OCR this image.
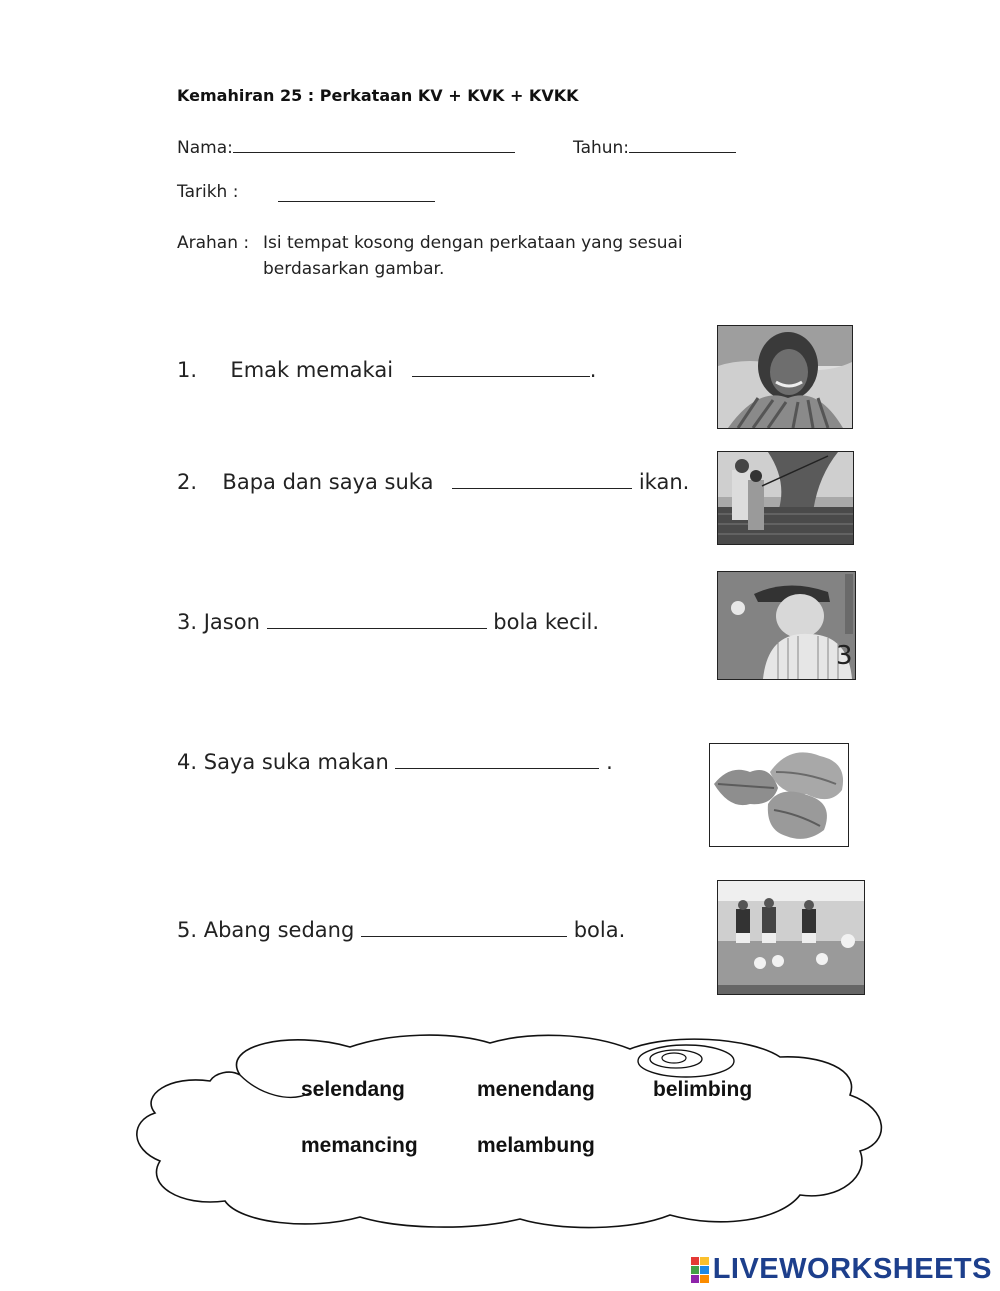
Kemahiran 25 : Perkataan KV + KVK + KVKK
Nama:	Tahun:
Tarikh :
Arahan : Isi tempat kosong dengan perkataan yang sesuai
berdasarkan gambar.
1. Emak memakai	.
2. Bapa dan saya suka	ikan.
3. Jason	bola kecil.
4. Saya suka makan	.
5. Abang sedang	bola.
3
selendang	menendang	belimbing
memancing	melambung
LIVEWORKSHEETS
